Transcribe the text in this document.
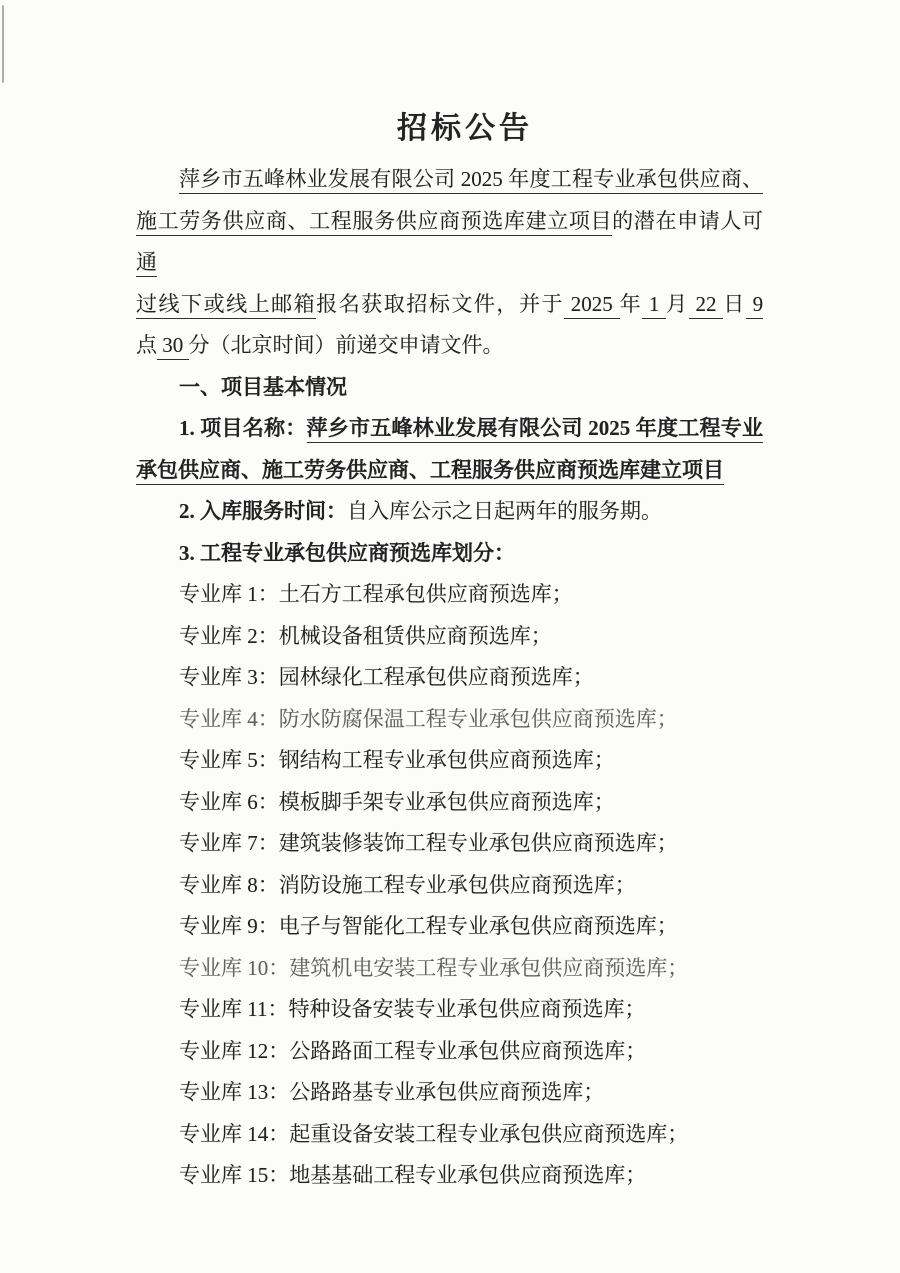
招标公告
萍乡市五峰林业发展有限公司 2025 年度工程专业承包供应商、
施工劳务供应商、工程服务供应商预选库建立项目的潜在申请人可通
过线下或线上邮箱报名获取招标文件，并于 2025 年 1 月 22 日 9
点 30 分（北京时间）前递交申请文件。
一、项目基本情况
1. 项目名称：萍乡市五峰林业发展有限公司 2025 年度工程专业
承包供应商、施工劳务供应商、工程服务供应商预选库建立项目
2. 入库服务时间：自入库公示之日起两年的服务期。
3. 工程专业承包供应商预选库划分：
专业库 1：土石方工程承包供应商预选库；
专业库 2：机械设备租赁供应商预选库；
专业库 3：园林绿化工程承包供应商预选库；
专业库 4：防水防腐保温工程专业承包供应商预选库；
专业库 5：钢结构工程专业承包供应商预选库；
专业库 6：模板脚手架专业承包供应商预选库；
专业库 7：建筑装修装饰工程专业承包供应商预选库；
专业库 8：消防设施工程专业承包供应商预选库；
专业库 9：电子与智能化工程专业承包供应商预选库；
专业库 10：建筑机电安装工程专业承包供应商预选库；
专业库 11：特种设备安装专业承包供应商预选库；
专业库 12：公路路面工程专业承包供应商预选库；
专业库 13：公路路基专业承包供应商预选库；
专业库 14：起重设备安装工程专业承包供应商预选库；
专业库 15：地基基础工程专业承包供应商预选库；
